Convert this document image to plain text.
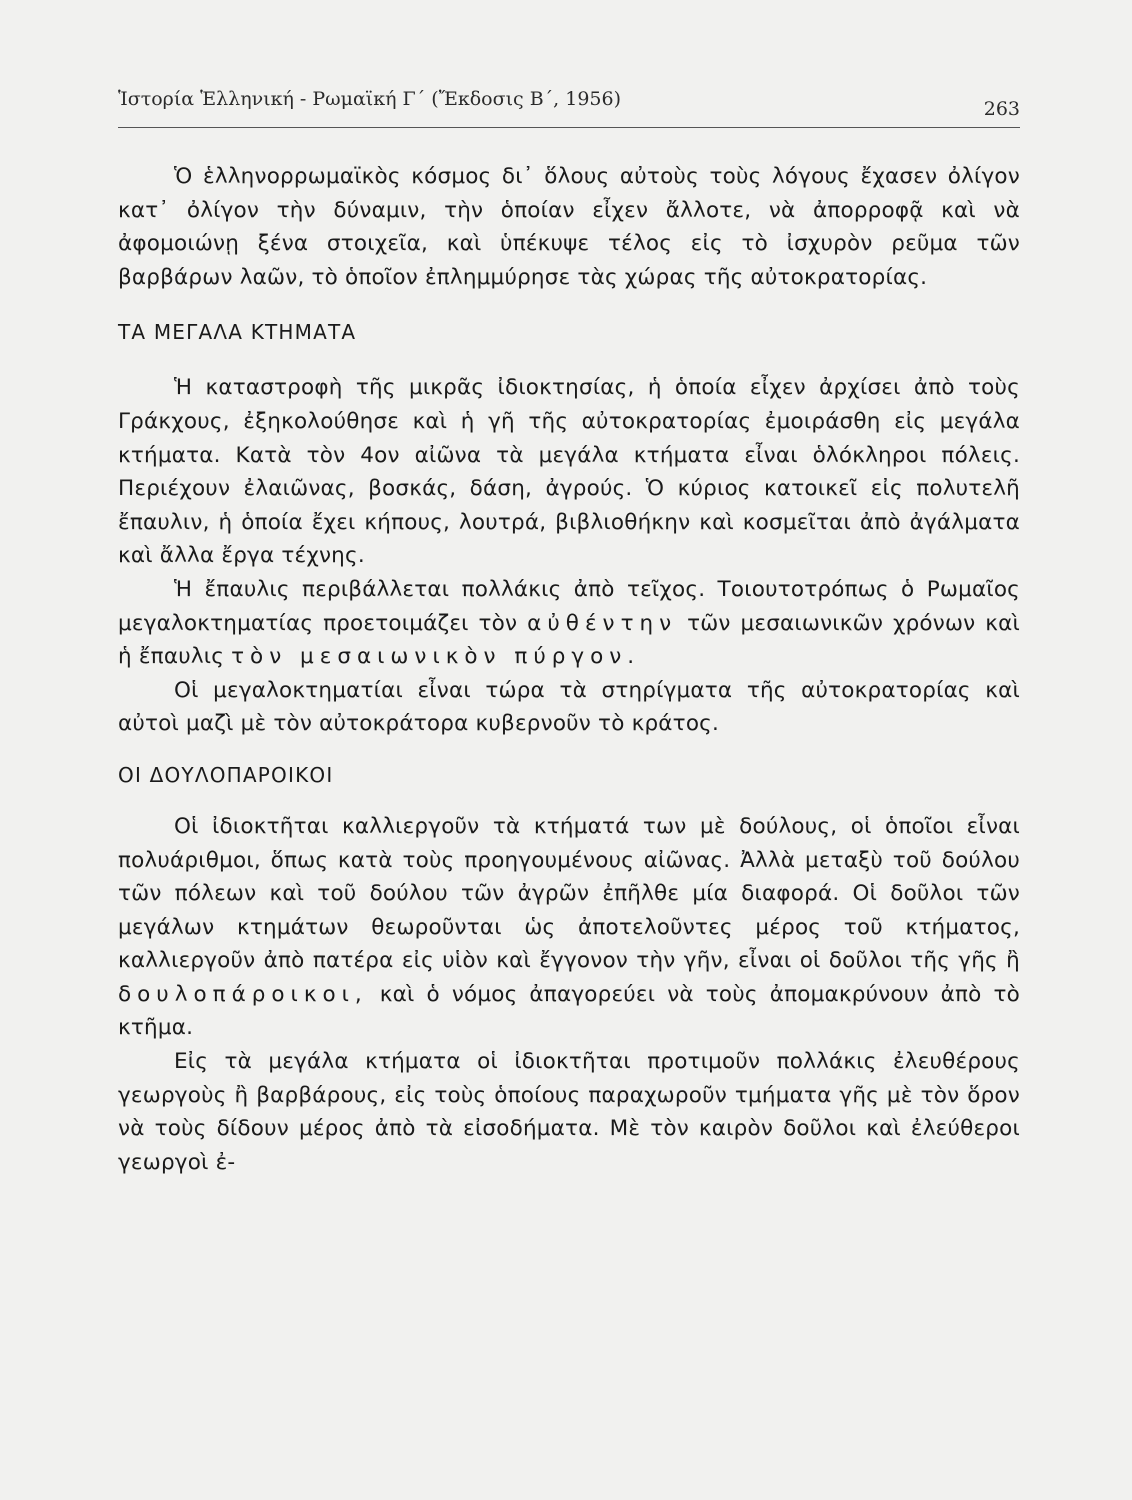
Ἱστορία Ἑλληνική - Ρωμαϊκή Γ΄ (Ἔκδοσις Β΄, 1956)	263

Ὁ ἑλληνορρωμαϊκὸς κόσμος δι᾽ ὅλους αὐτοὺς τοὺς λόγους ἔχασεν ὀλίγον κατ᾽ ὀλίγον τὴν δύναμιν, τὴν ὁποίαν εἶχεν ἄλλοτε, νὰ ἀπορροφᾷ καὶ νὰ ἀφομοιώνῃ ξένα στοιχεῖα, καὶ ὑπέκυψε τέλος εἰς τὸ ἰσχυρὸν ρεῦμα τῶν βαρβάρων λαῶν, τὸ ὁποῖον ἐπλημμύρησε τὰς χώρας τῆς αὐτοκρατορίας.

ΤΑ ΜΕΓΑΛΑ ΚΤΗΜΑΤΑ

Ἡ καταστροφὴ τῆς μικρᾶς ἰδιοκτησίας, ἡ ὁποία εἶχεν ἀρχίσει ἀπὸ τοὺς Γράκχους, ἐξηκολούθησε καὶ ἡ γῆ τῆς αὐτοκρατορίας ἐμοιράσθη εἰς μεγάλα κτήματα. Κατὰ τὸν 4ον αἰῶνα τὰ μεγάλα κτήματα εἶναι ὁλόκληροι πόλεις. Περιέχουν ἐλαιῶνας, βοσκάς, δάση, ἀγρούς. Ὁ κύριος κατοικεῖ εἰς πολυτελῆ ἔπαυλιν, ἡ ὁποία ἔχει κήπους, λουτρά, βιβλιοθήκην καὶ κοσμεῖται ἀπὸ ἀγάλματα καὶ ἄλλα ἔργα τέχνης.

Ἡ ἔπαυλις περιβάλλεται πολλάκις ἀπὸ τεῖχος. Τοιουτοτρόπως ὁ Ρωμαῖος μεγαλοκτηματίας προετοιμάζει τὸν αὐθέντην τῶν μεσαιωνικῶν χρόνων καὶ ἡ ἔπαυλις τὸν μεσαιωνικὸν πύργον.

Οἱ μεγαλοκτηματίαι εἶναι τώρα τὰ στηρίγματα τῆς αὐτοκρατορίας καὶ αὐτοὶ μαζὶ μὲ τὸν αὐτοκράτορα κυβερνοῦν τὸ κράτος.

ΟΙ ΔΟΥΛΟΠΑΡΟΙΚΟΙ

Οἱ ἰδιοκτῆται καλλιεργοῦν τὰ κτήματά των μὲ δούλους, οἱ ὁποῖοι εἶναι πολυάριθμοι, ὅπως κατὰ τοὺς προηγουμένους αἰῶνας. Ἀλλὰ μεταξὺ τοῦ δούλου τῶν πόλεων καὶ τοῦ δούλου τῶν ἀγρῶν ἐπῆλθε μία διαφορά. Οἱ δοῦλοι τῶν μεγάλων κτημάτων θεωροῦνται ὡς ἀποτελοῦντες μέρος τοῦ κτήματος, καλλιεργοῦν ἀπὸ πατέρα εἰς υἱὸν καὶ ἔγγονον τὴν γῆν, εἶναι οἱ δοῦλοι τῆς γῆς ἢ δουλοπάροικοι, καὶ ὁ νόμος ἀπαγορεύει νὰ τοὺς ἀπομακρύνουν ἀπὸ τὸ κτῆμα.

Εἰς τὰ μεγάλα κτήματα οἱ ἰδιοκτῆται προτιμοῦν πολλάκις ἐλευθέρους γεωργοὺς ἢ βαρβάρους, εἰς τοὺς ὁποίους παραχωροῦν τμήματα γῆς μὲ τὸν ὅρον νὰ τοὺς δίδουν μέρος ἀπὸ τὰ εἰσοδήματα. Μὲ τὸν καιρὸν δοῦλοι καὶ ἐλεύθεροι γεωργοὶ ἐ-
